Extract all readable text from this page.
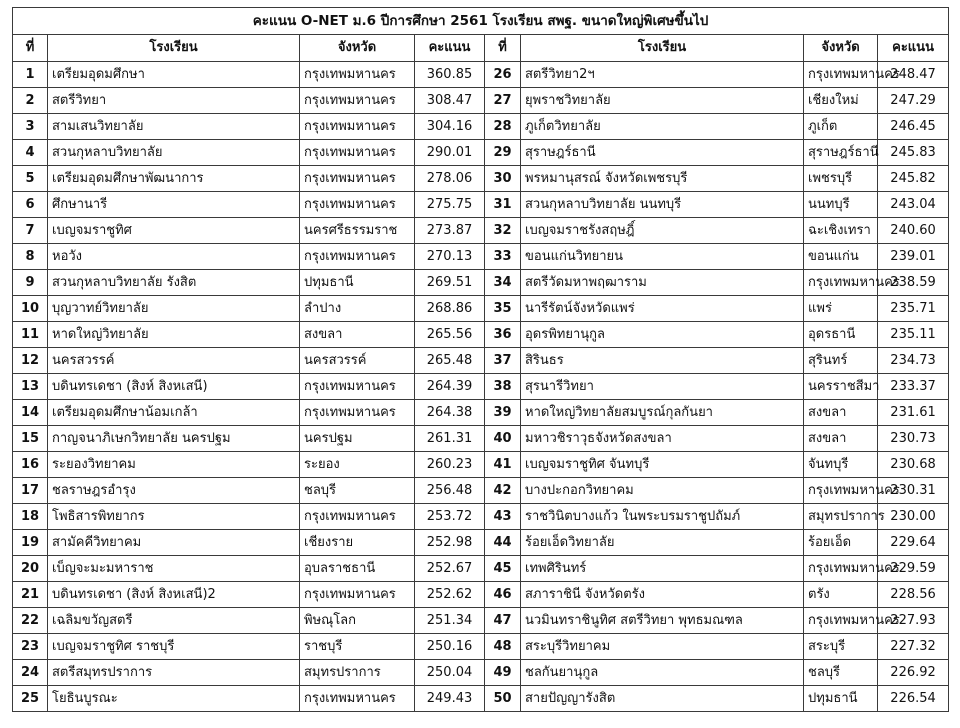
คะแนน O-NET ม.6 ปีการศึกษา 2561 โรงเรียน สพฐ. ขนาดใหญ่พิเศษขึ้นไป							
ที่	โรงเรียน	จังหวัด	คะแนน	ที่	โรงเรียน	จังหวัด	คะแนน
1	เตรียมอุดมศึกษา	กรุงเทพมหานคร	360.85	26	สตรีวิทยา2ฯ	กรุงเทพมหานคร	248.47
2	สตรีวิทยา	กรุงเทพมหานคร	308.47	27	ยุพราชวิทยาลัย	เชียงใหม่	247.29
3	สามเสนวิทยาลัย	กรุงเทพมหานคร	304.16	28	ภูเก็ตวิทยาลัย	ภูเก็ต	246.45
4	สวนกุหลาบวิทยาลัย	กรุงเทพมหานคร	290.01	29	สุราษฎร์ธานี	สุราษฎร์ธานี	245.83
5	เตรียมอุดมศึกษาพัฒนาการ	กรุงเทพมหานคร	278.06	30	พรหมานุสรณ์ จังหวัดเพชรบุรี	เพชรบุรี	245.82
6	ศึกษานารี	กรุงเทพมหานคร	275.75	31	สวนกุหลาบวิทยาลัย นนทบุรี	นนทบุรี	243.04
7	เบญจมราชูทิศ	นครศรีธรรมราช	273.87	32	เบญจมราชรังสฤษฎิ์	ฉะเชิงเทรา	240.60
8	หอวัง	กรุงเทพมหานคร	270.13	33	ขอนแก่นวิทยายน	ขอนแก่น	239.01
9	สวนกุหลาบวิทยาลัย รังสิต	ปทุมธานี	269.51	34	สตรีวัดมหาพฤฒาราม	กรุงเทพมหานคร	238.59
10	บุญวาทย์วิทยาลัย	ลำปาง	268.86	35	นารีรัตน์จังหวัดแพร่	แพร่	235.71
11	หาดใหญ่วิทยาลัย	สงขลา	265.56	36	อุดรพิทยานุกูล	อุดรธานี	235.11
12	นครสวรรค์	นครสวรรค์	265.48	37	สิรินธร	สุรินทร์	234.73
13	บดินทรเดชา (สิงห์ สิงหเสนี)	กรุงเทพมหานคร	264.39	38	สุรนารีวิทยา	นครราชสีมา	233.37
14	เตรียมอุดมศึกษาน้อมเกล้า	กรุงเทพมหานคร	264.38	39	หาดใหญ่วิทยาลัยสมบูรณ์กุลกันยา	สงขลา	231.61
15	กาญจนาภิเษกวิทยาลัย นครปฐม	นครปฐม	261.31	40	มหาวชิราวุธจังหวัดสงขลา	สงขลา	230.73
16	ระยองวิทยาคม	ระยอง	260.23	41	เบญจมราชูทิศ จันทบุรี	จันทบุรี	230.68
17	ชลราษฎรอำรุง	ชลบุรี	256.48	42	บางปะกอกวิทยาคม	กรุงเทพมหานคร	230.31
18	โพธิสารพิทยากร	กรุงเทพมหานคร	253.72	43	ราชวินิตบางแก้ว ในพระบรมราชูปถัมภ์	สมุทรปราการ	230.00
19	สามัคคีวิทยาคม	เชียงราย	252.98	44	ร้อยเอ็ดวิทยาลัย	ร้อยเอ็ด	229.64
20	เบ็ญจะมะมหาราช	อุบลราชธานี	252.67	45	เทพศิรินทร์	กรุงเทพมหานคร	229.59
21	บดินทรเดชา (สิงห์ สิงหเสนี)2	กรุงเทพมหานคร	252.62	46	สภาราชินี จังหวัดตรัง	ตรัง	228.56
22	เฉลิมขวัญสตรี	พิษณุโลก	251.34	47	นวมินทราชินูทิศ สตรีวิทยา พุทธมณฑล	กรุงเทพมหานคร	227.93
23	เบญจมราชูทิศ ราชบุรี	ราชบุรี	250.16	48	สระบุรีวิทยาคม	สระบุรี	227.32
24	สตรีสมุทรปราการ	สมุทรปราการ	250.04	49	ชลกันยานุกูล	ชลบุรี	226.92
25	โยธินบูรณะ	กรุงเทพมหานคร	249.43	50	สายปัญญารังสิต	ปทุมธานี	226.54
